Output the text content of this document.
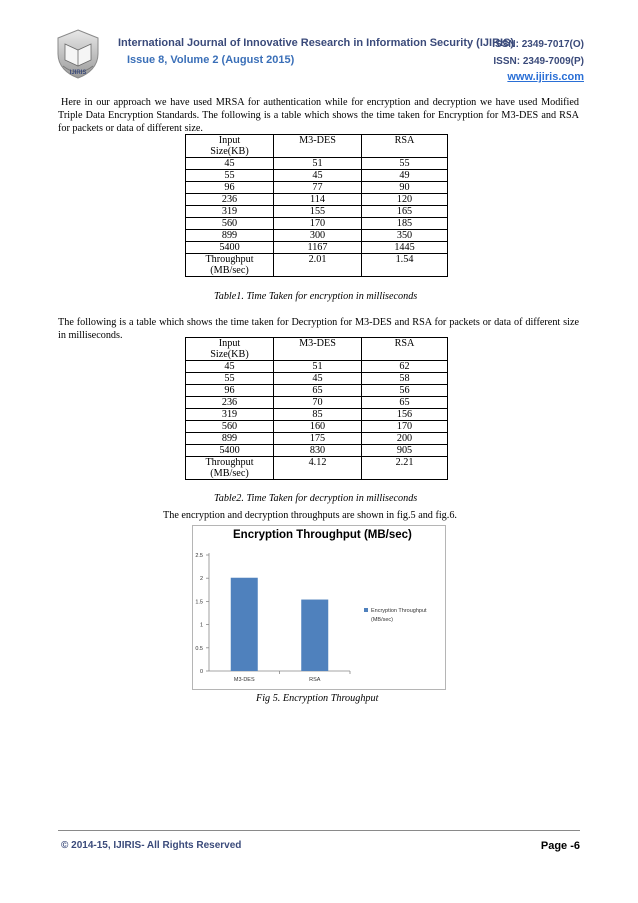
IJIRIS
International Journal of Innovative Research in Information Security (IJIRIS)
Issue 8, Volume 2 (August 2015)
ISSN: 2349-7017(O)
ISSN: 2349-7009(P)
www.ijiris.com
Here in our approach we have used MRSA for authentication while for encryption and decryption we have used Modified Triple Data Encryption Standards. The following is a table which shows the time taken for Encryption for M3-DES and RSA for packets or data of different size.
Input
Size(KB)	M3-DES	RSA
45	51	55
55	45	49
96	77	90
236	114	120
319	155	165
560	170	185
899	300	350
5400	1167	1445
Throughput
(MB/sec)	2.01	1.54
Table1. Time Taken for encryption in milliseconds
The following is a table which shows the time taken for Decryption for M3-DES and RSA for packets or data of different size in milliseconds.
Input
Size(KB)	M3-DES	RSA
45	51	62
55	45	58
96	65	56
236	70	65
319	85	156
560	160	170
899	175	200
5400	830	905
Throughput
(MB/sec)	4.12	2.21
Table2. Time Taken for decryption in milliseconds
The encryption and decryption throughputs are shown in fig.5 and fig.6.
Encryption Throughput (MB/sec)
0
0.5
1
1.5
2
2.5
M3-DES	RSA
Encryption Throughput
(MB/sec)
Fig 5. Encryption Throughput
© 2014-15, IJIRIS- All Rights Reserved	Page -6
